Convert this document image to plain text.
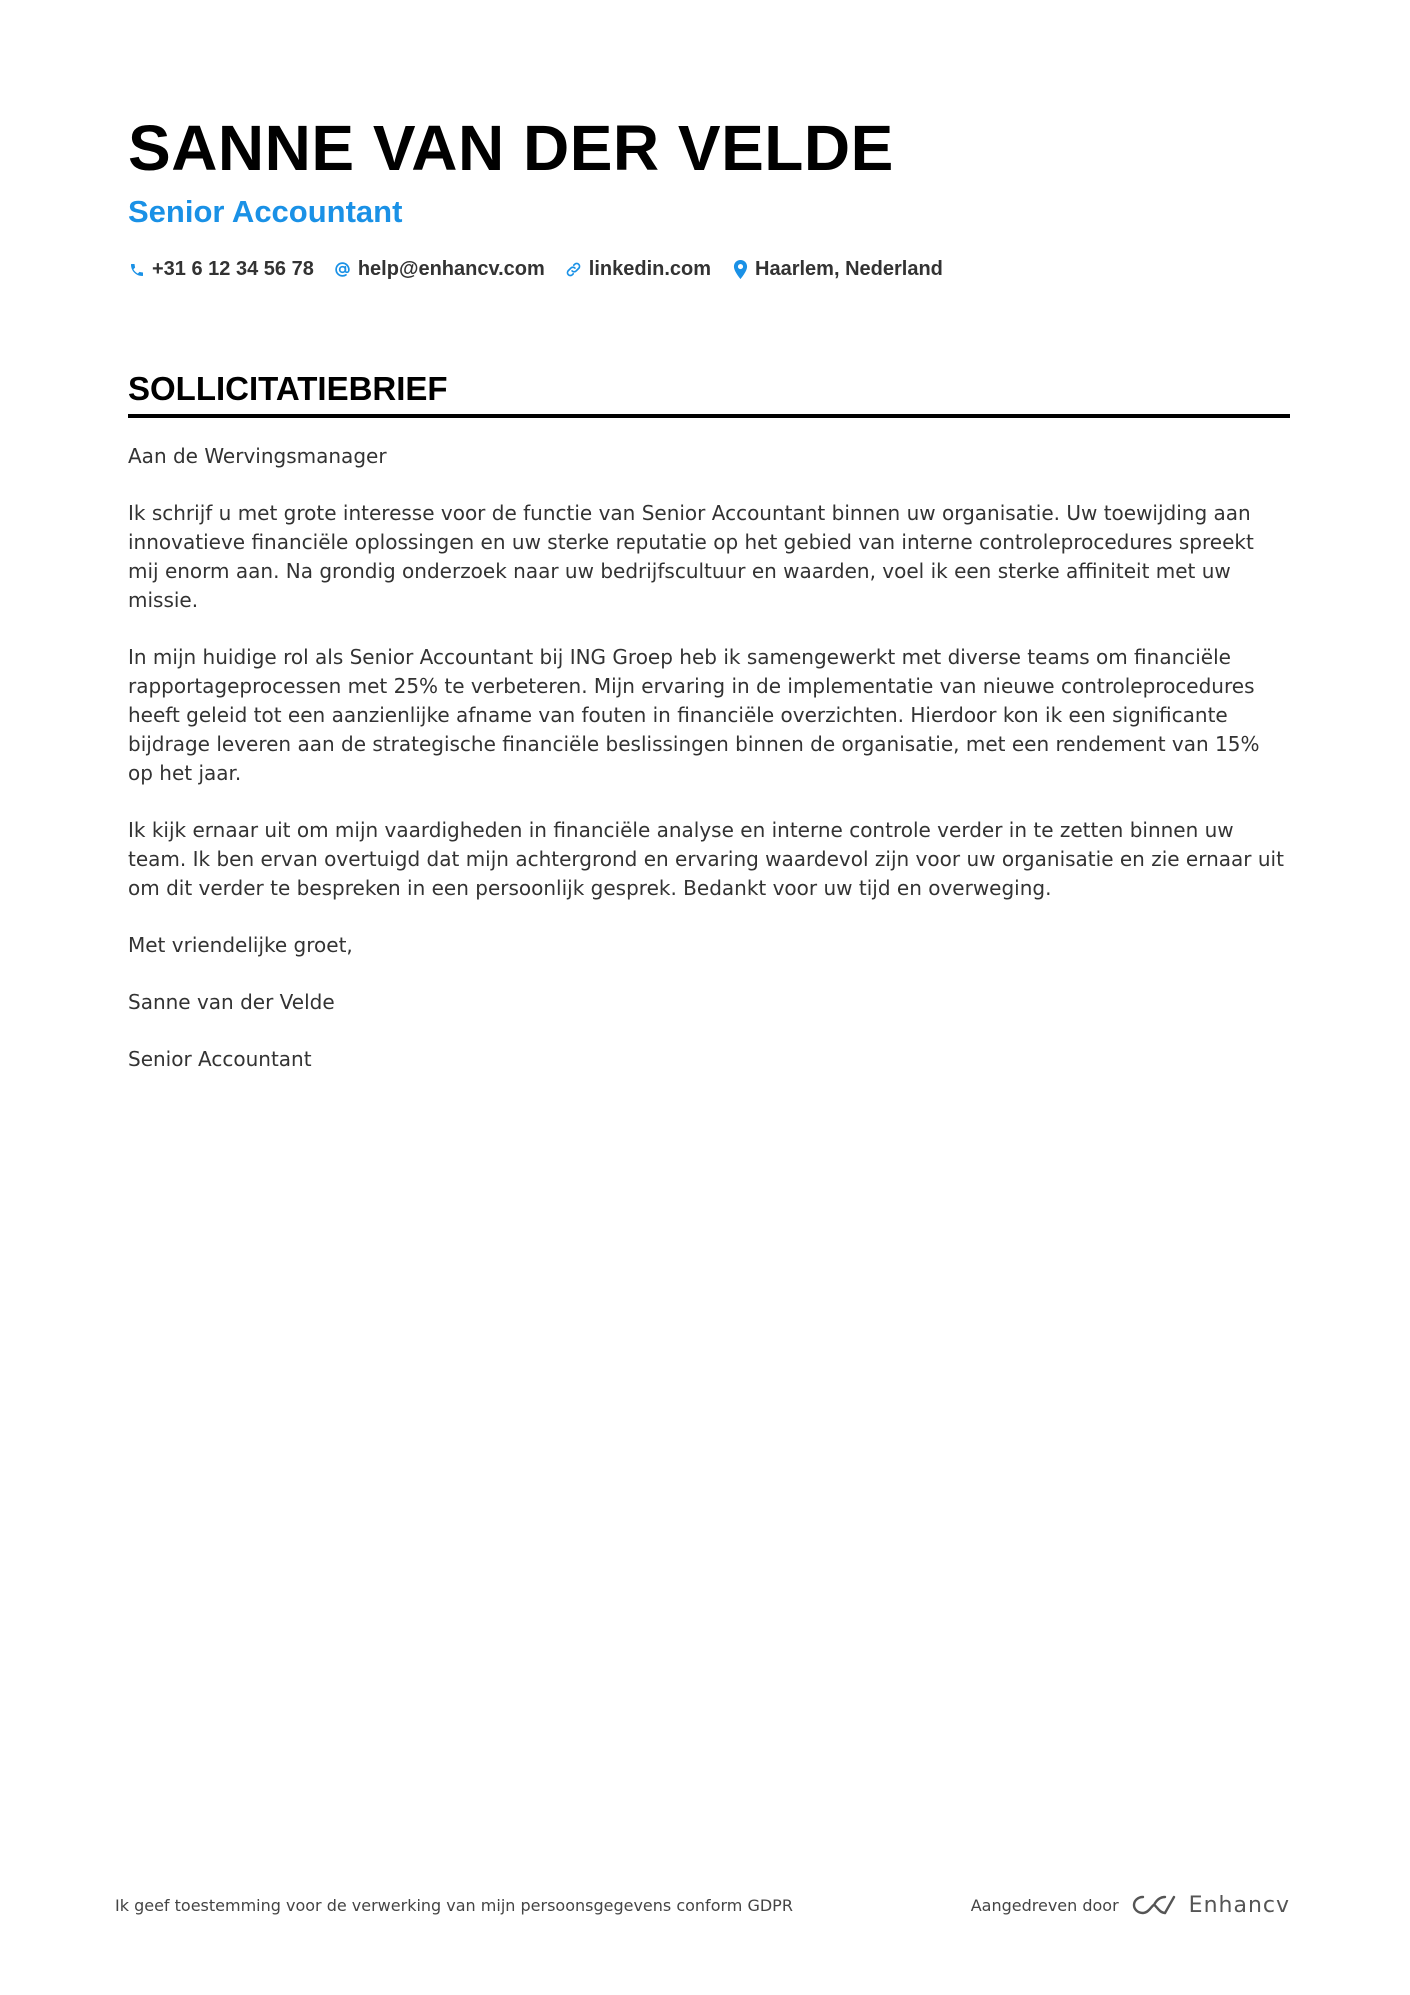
SANNE VAN DER VELDE
Senior Accountant
+31 6 12 34 56 78 help@enhancv.com linkedin.com Haarlem, Nederland
SOLLICITATIEBRIEF

Aan de Wervingsmanager

Ik schrijf u met grote interesse voor de functie van Senior Accountant binnen uw organisatie. Uw toewijding aan innovatieve financiële oplossingen en uw sterke reputatie op het gebied van interne controleprocedures spreekt mij enorm aan. Na grondig onderzoek naar uw bedrijfscultuur en waarden, voel ik een sterke affiniteit met uw missie.

In mijn huidige rol als Senior Accountant bij ING Groep heb ik samengewerkt met diverse teams om financiële rapportageprocessen met 25% te verbeteren. Mijn ervaring in de implementatie van nieuwe controleprocedures heeft geleid tot een aanzienlijke afname van fouten in financiële overzichten. Hierdoor kon ik een significante bijdrage leveren aan de strategische financiële beslissingen binnen de organisatie, met een rendement van 15% op het jaar.

Ik kijk ernaar uit om mijn vaardigheden in financiële analyse en interne controle verder in te zetten binnen uw team. Ik ben ervan overtuigd dat mijn achtergrond en ervaring waardevol zijn voor uw organisatie en zie ernaar uit om dit verder te bespreken in een persoonlijk gesprek. Bedankt voor uw tijd en overweging.

Met vriendelijke groet,

Sanne van der Velde

Senior Accountant

Ik geef toestemming voor de verwerking van mijn persoonsgegevens conform GDPR	Aangedreven door	Enhancv
